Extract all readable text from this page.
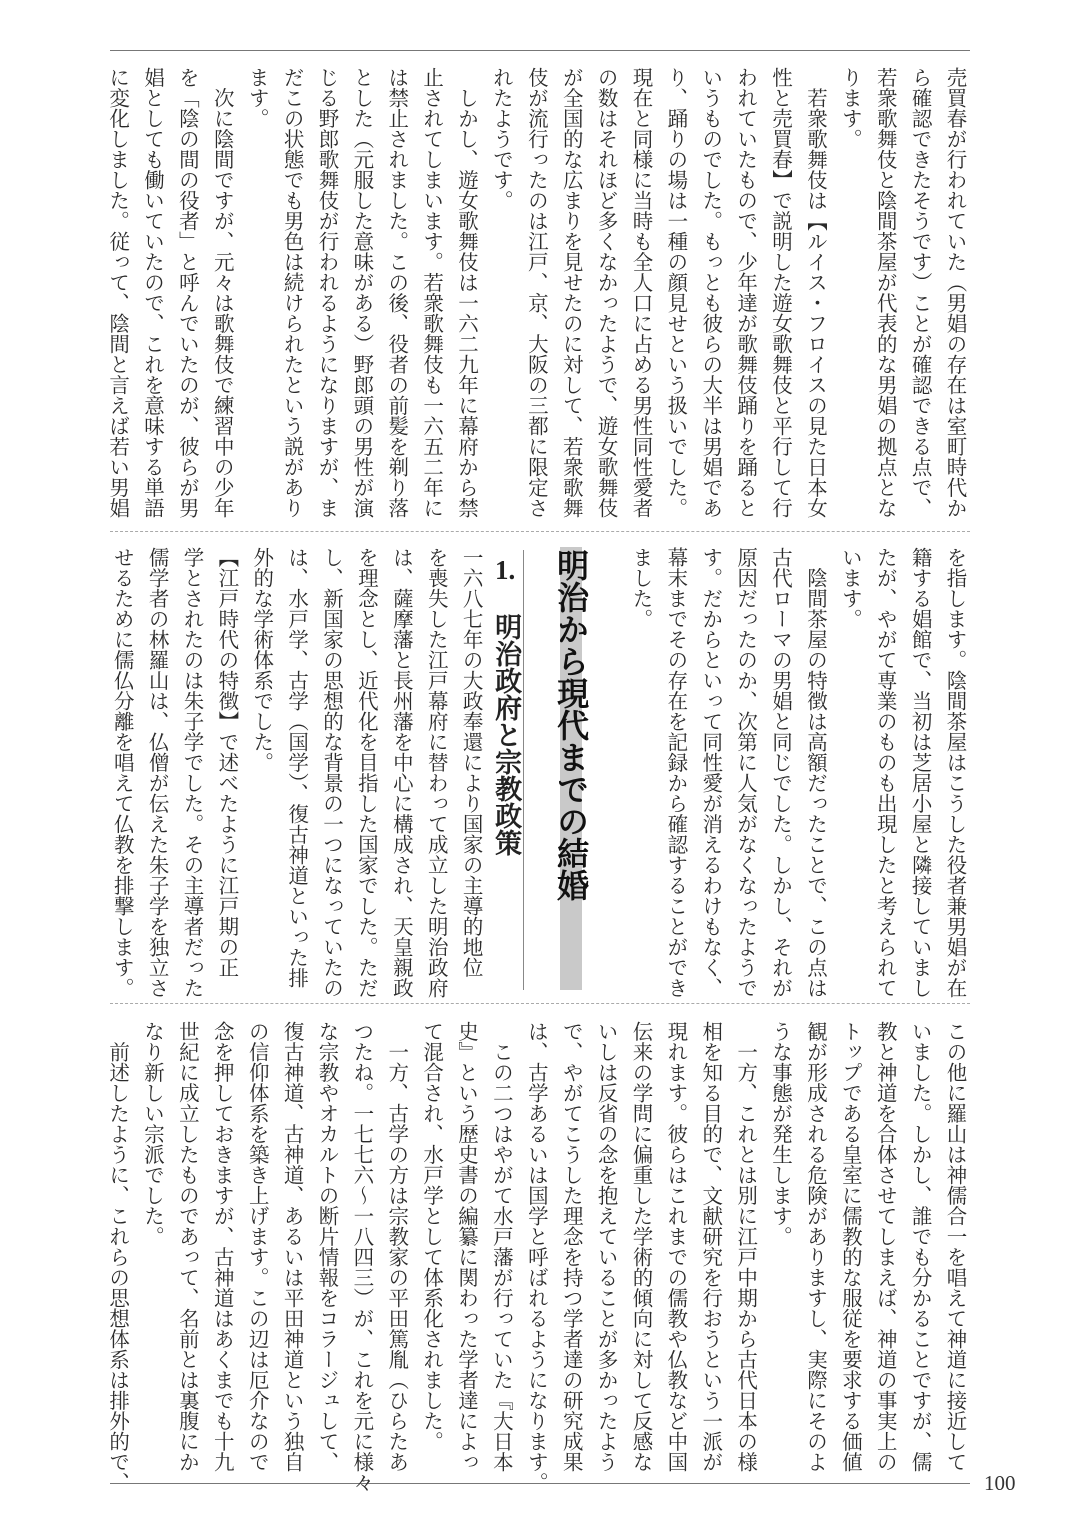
100
売買春が行われていた（男娼の存在は室町時代か
ら確認できたそうです）ことが確認できる点で、
若衆歌舞伎と陰間茶屋が代表的な男娼の拠点とな
ります。
　若衆歌舞伎は【ルイス・フロイスの見た日本女
性と売買春】で説明した遊女歌舞伎と平行して行
われていたもので、少年達が歌舞伎踊りを踊ると
いうものでした。もっとも彼らの大半は男娼であ
り、踊りの場は一種の顔見せという扱いでした。
現在と同様に当時も全人口に占める男性同性愛者
の数はそれほど多くなかったようで、遊女歌舞伎
が全国的な広まりを見せたのに対して、若衆歌舞
伎が流行ったのは江戸、京、大阪の三都に限定さ
れたようです。
　しかし、遊女歌舞伎は一六二九年に幕府から禁
止されてしまいます。若衆歌舞伎も一六五二年に
は禁止されました。この後、役者の前髪を剃り落
とした（元服した意味がある）野郎頭の男性が演
じる野郎歌舞伎が行われるようになりますが、ま
だこの状態でも男色は続けられたという説があり
ます。
　次に陰間ですが、元々は歌舞伎で練習中の少年
を「陰の間の役者」と呼んでいたのが、彼らが男
娼としても働いていたので、これを意味する単語
に変化しました。従って、陰間と言えば若い男娼
を指します。陰間茶屋はこうした役者兼男娼が在
籍する娼館で、当初は芝居小屋と隣接していまし
たが、やがて専業のものも出現したと考えられて
います。
　陰間茶屋の特徴は高額だったことで、この点は
古代ローマの男娼と同じでした。しかし、それが
原因だったのか、次第に人気がなくなったようで
す。だからといって同性愛が消えるわけもなく、
幕末までその存在を記録から確認することができ
ました。
明治から現代までの結婚
1.
明治政府と宗教政策
一六八七年の大政奉還により国家の主導的地位
を喪失した江戸幕府に替わって成立した明治政府
は、薩摩藩と長州藩を中心に構成され、天皇親政
を理念とし、近代化を目指した国家でした。ただ
し、新国家の思想的な背景の一つになっていたの
は、水戸学、古学（国学）、復古神道といった排
外的な学術体系でした。
【江戸時代の特徴】で述べたように江戸期の正
学とされたのは朱子学でした。その主導者だった
儒学者の林羅山は、仏僧が伝えた朱子学を独立さ
せるために儒仏分離を唱えて仏教を排撃します。
この他に羅山は神儒合一を唱えて神道に接近して
いました。しかし、誰でも分かることですが、儒
教と神道を合体させてしまえば、神道の事実上の
トップである皇室に儒教的な服従を要求する価値
観が形成される危険がありますし、実際にそのよ
うな事態が発生します。
　一方、これとは別に江戸中期から古代日本の様
相を知る目的で、文献研究を行おうという一派が
現れます。彼らはこれまでの儒教や仏教など中国
伝来の学問に偏重した学術的傾向に対して反感な
いしは反省の念を抱えていることが多かったよう
で、やがてこうした理念を持つ学者達の研究成果
は、古学あるいは国学と呼ばれるようになります。
　この二つはやがて水戸藩が行っていた『大日本
史』という歴史書の編纂に関わった学者達によっ
て混合され、水戸学として体系化されました。
　一方、古学の方は宗教家の平田篤胤（ひらたあ
つたね。一七七六〜一八四三）が、これを元に様々
な宗教やオカルトの断片情報をコラージュして、
復古神道、古神道、あるいは平田神道という独自
の信仰体系を築き上げます。この辺は厄介なので
念を押しておきますが、古神道はあくまでも十九
世紀に成立したものであって、名前とは裏腹にか
なり新しい宗派でした。
　前述したように、これらの思想体系は排外的で、
